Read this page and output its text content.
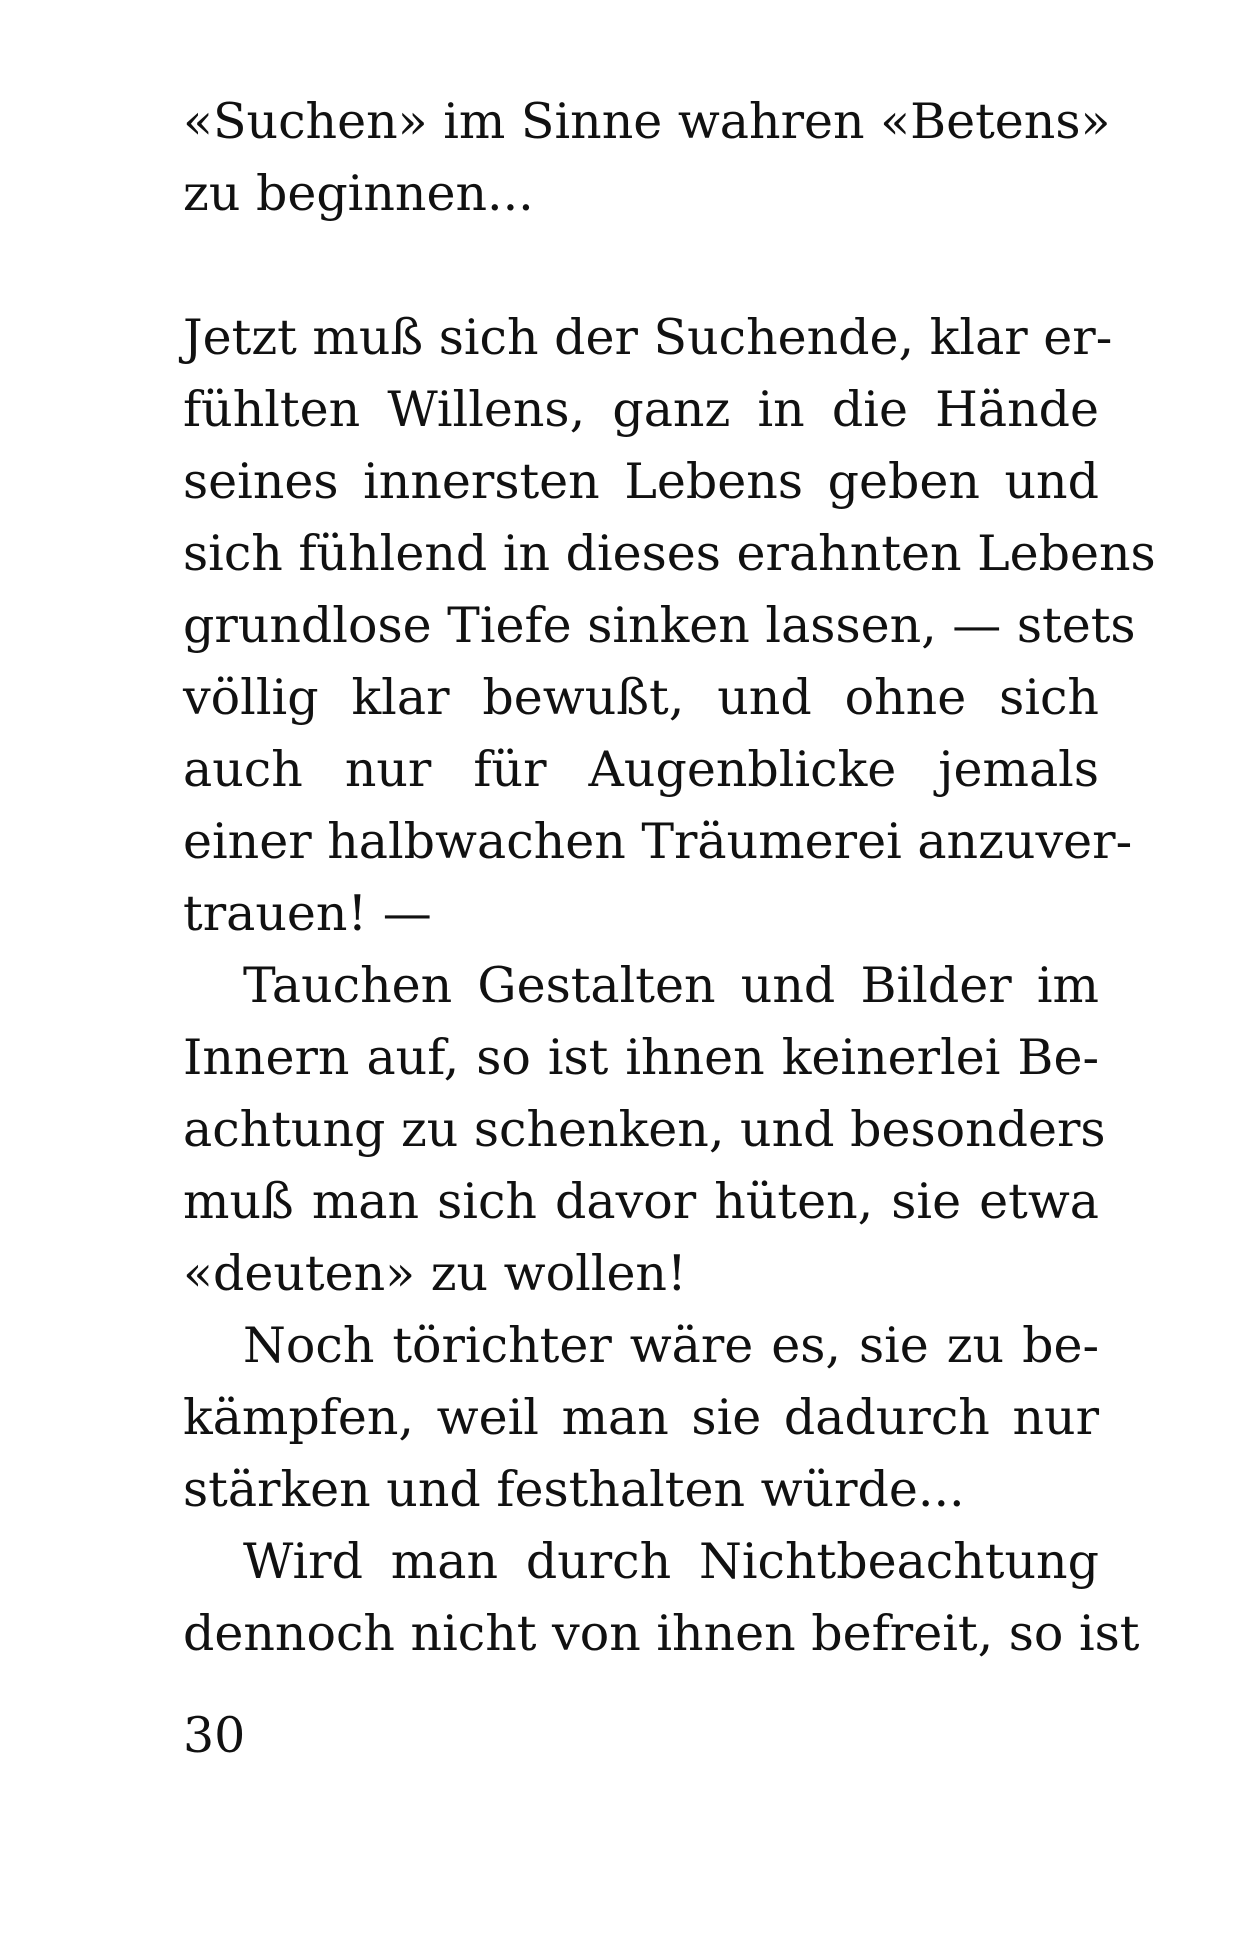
«Suchen» im Sinne wahren «Betens»
zu beginnen...
Jetzt muß sich der Suchende, klar er-
fühlten Willens, ganz in die Hände
seines innersten Lebens geben und
sich fühlend in dieses erahnten Lebens
grundlose Tiefe sinken lassen, — stets
völlig klar bewußt, und ohne sich
auch nur für Augenblicke jemals
einer halbwachen Träumerei anzuver-
trauen! —
Tauchen Gestalten und Bilder im
Innern auf, so ist ihnen keinerlei Be-
achtung zu schenken, und besonders
muß man sich davor hüten, sie etwa
«deuten» zu wollen!
Noch törichter wäre es, sie zu be-
kämpfen, weil man sie dadurch nur
stärken und festhalten würde...
Wird man durch Nichtbeachtung
dennoch nicht von ihnen befreit, so ist
30
